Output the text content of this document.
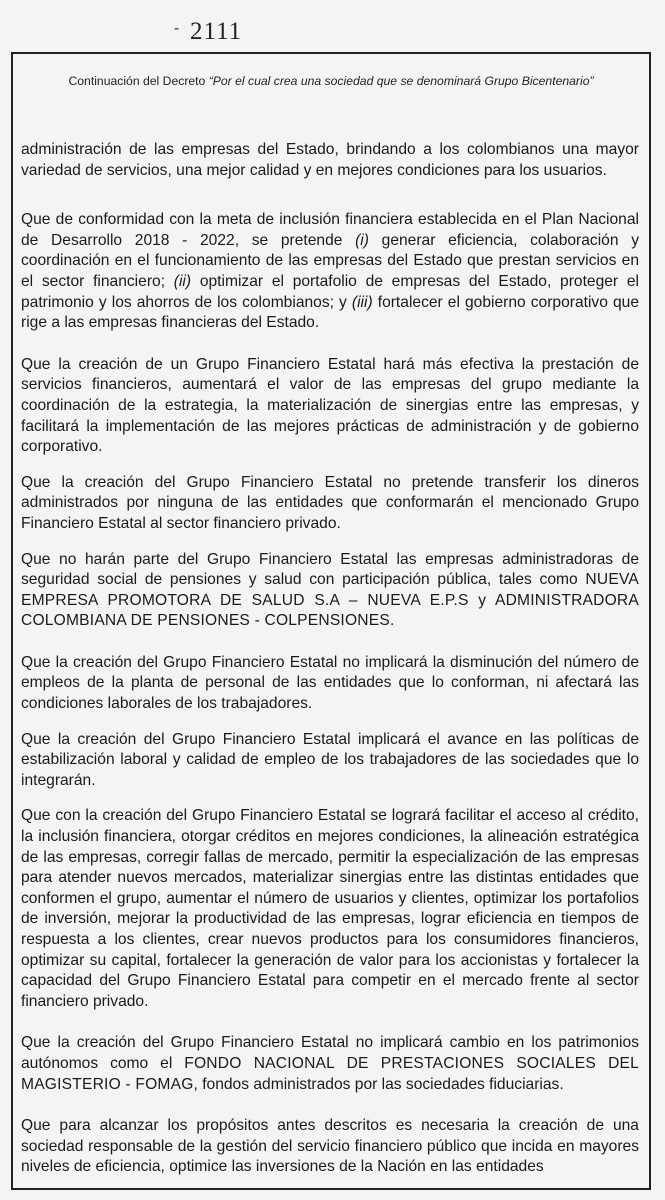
- 2111
Continuación del Decreto “Por el cual crea una sociedad que se denominará Grupo Bicentenario”

administración de las empresas del Estado, brindando a los colombianos una mayor variedad de servicios, una mejor calidad y en mejores condiciones para los usuarios.

Que de conformidad con la meta de inclusión financiera establecida en el Plan Nacional de Desarrollo 2018 - 2022, se pretende (i) generar eficiencia, colaboración y coordinación en el funcionamiento de las empresas del Estado que prestan servicios en el sector financiero; (ii) optimizar el portafolio de empresas del Estado, proteger el patrimonio y los ahorros de los colombianos; y (iii) fortalecer el gobierno corporativo que rige a las empresas financieras del Estado.

Que la creación de un Grupo Financiero Estatal hará más efectiva la prestación de servicios financieros, aumentará el valor de las empresas del grupo mediante la coordinación de la estrategia, la materialización de sinergias entre las empresas, y facilitará la implementación de las mejores prácticas de administración y de gobierno corporativo.

Que la creación del Grupo Financiero Estatal no pretende transferir los dineros administrados por ninguna de las entidades que conformarán el mencionado Grupo Financiero Estatal al sector financiero privado.

Que no harán parte del Grupo Financiero Estatal las empresas administradoras de seguridad social de pensiones y salud con participación pública, tales como NUEVA EMPRESA PROMOTORA DE SALUD S.A – NUEVA E.P.S y ADMINISTRADORA COLOMBIANA DE PENSIONES - COLPENSIONES.

Que la creación del Grupo Financiero Estatal no implicará la disminución del número de empleos de la planta de personal de las entidades que lo conforman, ni afectará las condiciones laborales de los trabajadores.

Que la creación del Grupo Financiero Estatal implicará el avance en las políticas de estabilización laboral y calidad de empleo de los trabajadores de las sociedades que lo integrarán.

Que con la creación del Grupo Financiero Estatal se logrará facilitar el acceso al crédito, la inclusión financiera, otorgar créditos en mejores condiciones, la alineación estratégica de las empresas, corregir fallas de mercado, permitir la especialización de las empresas para atender nuevos mercados, materializar sinergias entre las distintas entidades que conformen el grupo, aumentar el número de usuarios y clientes, optimizar los portafolios de inversión, mejorar la productividad de las empresas, lograr eficiencia en tiempos de respuesta a los clientes, crear nuevos productos para los consumidores financieros, optimizar su capital, fortalecer la generación de valor para los accionistas y fortalecer la capacidad del Grupo Financiero Estatal para competir en el mercado frente al sector financiero privado.

Que la creación del Grupo Financiero Estatal no implicará cambio en los patrimonios autónomos como el FONDO NACIONAL DE PRESTACIONES SOCIALES DEL MAGISTERIO - FOMAG, fondos administrados por las sociedades fiduciarias.

Que para alcanzar los propósitos antes descritos es necesaria la creación de una sociedad responsable de la gestión del servicio financiero público que incida en mayores niveles de eficiencia, optimice las inversiones de la Nación en las entidades
